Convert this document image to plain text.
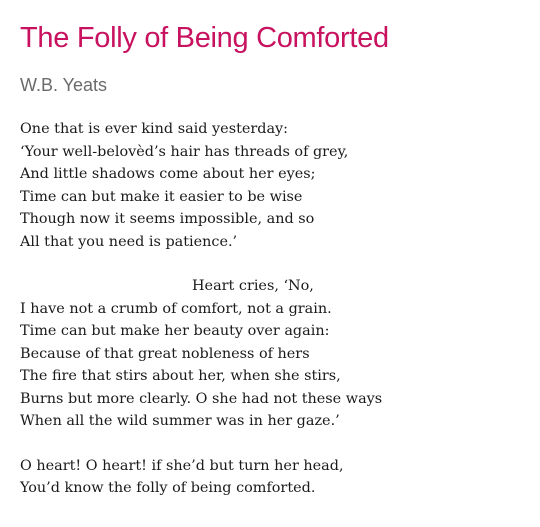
The Folly of Being Comforted
W.B. Yeats
One that is ever kind said yesterday:
‘Your well-belovèd’s hair has threads of grey,
And little shadows come about her eyes;
Time can but make it easier to be wise
Though now it seems impossible, and so
All that you need is patience.’
Heart cries, ‘No,
I have not a crumb of comfort, not a grain.
Time can but make her beauty over again:
Because of that great nobleness of hers
The fire that stirs about her, when she stirs,
Burns but more clearly. O she had not these ways
When all the wild summer was in her gaze.’
O heart! O heart! if she’d but turn her head,
You’d know the folly of being comforted.
